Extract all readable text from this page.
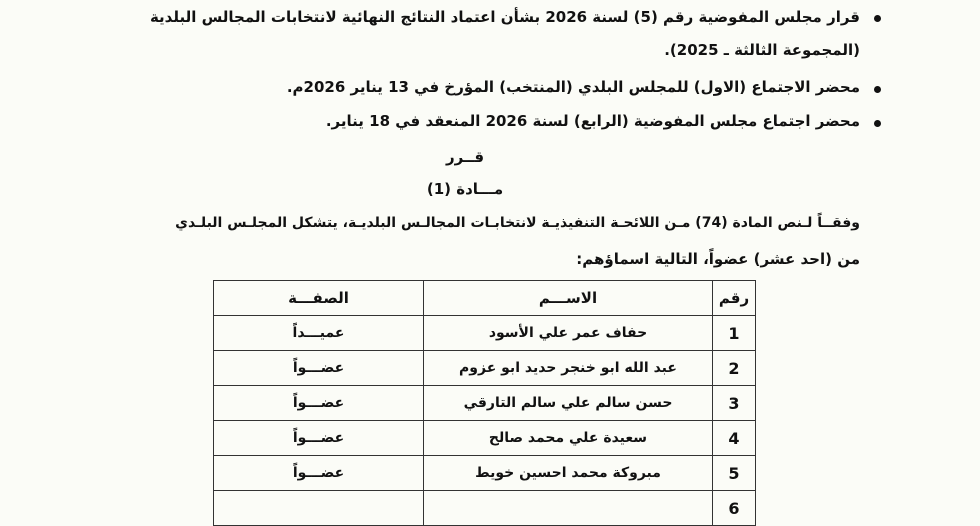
قرار مجلس المفوضية رقم (5) لسنة 2026 بشأن اعتماد النتائج النهائية لانتخابات المجالس البلدية
(المجموعة الثالثة ـ 2025).
محضر الاجتماع (الاول) للمجلس البلدي (المنتخب) المؤرخ في 13 يناير 2026م.
محضر اجتماع مجلس المفوضية (الرابع) لسنة 2026 المنعقد في 18 يناير.
قــرر
مـــادة (1)
وفقــاً لـنص المادة (74) مـن اللائحـة التنفيذيـة لانتخابـات المجالـس البلديـة، يتشكل المجلـس البلـدي
من (احد عشر) عضواً، التالية اسماؤهم:
رقم	الاســـم	الصفـــة
1	حفاف عمر علي الأسود	عميـــداً
2	عبد الله ابو خنجر حديد ابو عزوم	عضـــواً
3	حسن سالم علي سالم التارقي	عضـــواً
4	سعيدة علي محمد صالح	عضـــواً
5	مبروكة محمد احسين خويط	عضـــواً
6		
